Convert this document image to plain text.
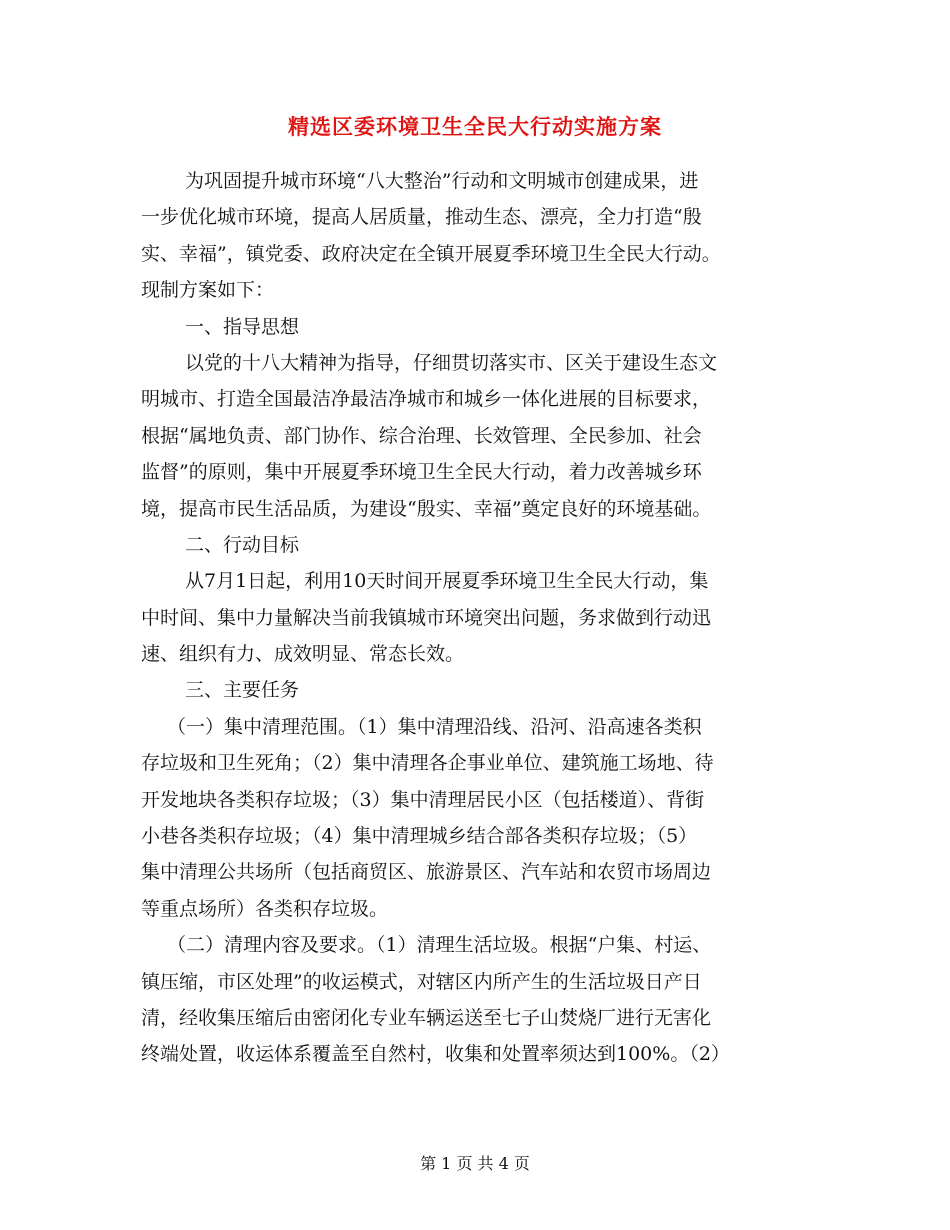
精选区委环境卫生全民大行动实施方案
为巩固提升城市环境“八大整治”行动和文明城市创建成果，进
一步优化城市环境，提高人居质量，推动生态、漂亮，全力打造“殷
实、幸福”，镇党委、政府决定在全镇开展夏季环境卫生全民大行动。
现制方案如下：
一、指导思想
以党的十八大精神为指导，仔细贯切落实市、区关于建设生态文
明城市、打造全国最洁净最洁净城市和城乡一体化进展的目标要求，
根据“属地负责、部门协作、综合治理、长效管理、全民参加、社会
监督”的原则，集中开展夏季环境卫生全民大行动，着力改善城乡环
境，提高市民生活品质，为建设“殷实、幸福”奠定良好的环境基础。
二、行动目标
从7月1日起，利用10天时间开展夏季环境卫生全民大行动，集
中时间、集中力量解决当前我镇城市环境突出问题，务求做到行动迅
速、组织有力、成效明显、常态长效。
三、主要任务
（一）集中清理范围。（1）集中清理沿线、沿河、沿高速各类积
存垃圾和卫生死角；（2）集中清理各企事业单位、建筑施工场地、待
开发地块各类积存垃圾；（3）集中清理居民小区（包括楼道）、背街
小巷各类积存垃圾；（4）集中清理城乡结合部各类积存垃圾；（5）
集中清理公共场所（包括商贸区、旅游景区、汽车站和农贸市场周边
等重点场所）各类积存垃圾。
（二）清理内容及要求。（1）清理生活垃圾。根据“户集、村运、
镇压缩，市区处理”的收运模式，对辖区内所产生的生活垃圾日产日
清，经收集压缩后由密闭化专业车辆运送至七子山焚烧厂进行无害化
终端处置，收运体系覆盖至自然村，收集和处置率须达到100%。（2）
第 1 页 共 4 页
